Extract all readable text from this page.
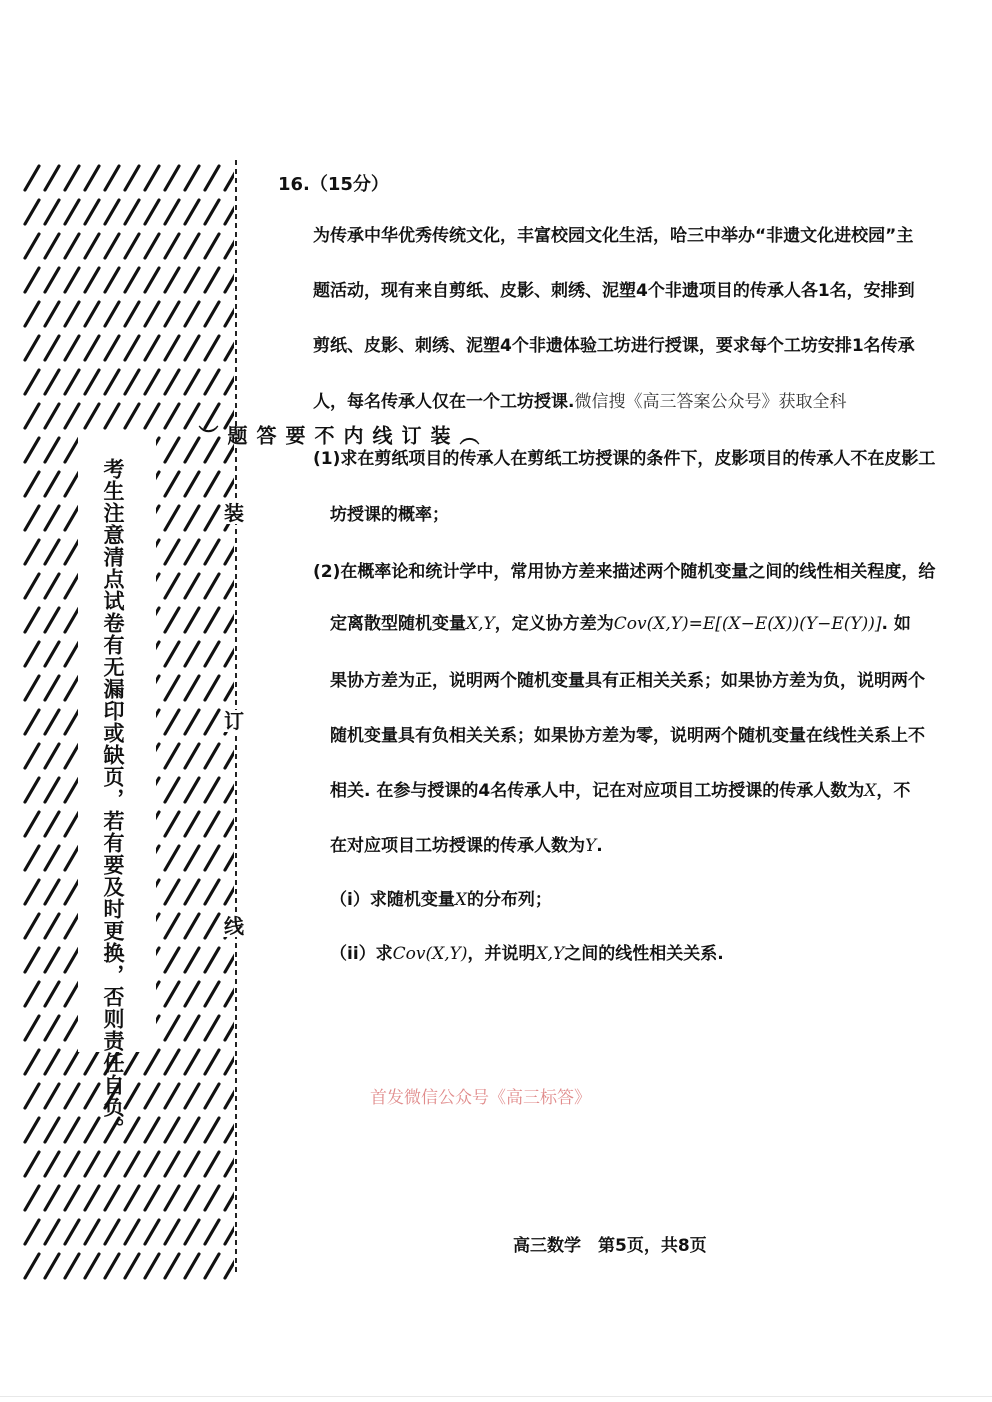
考生注意清点试卷有无漏印或缺页，若有要及时更换，否则责任自负。
（
装
订
线
内
不
要
答
题
）
装
订
线
16.（15分）
为传承中华优秀传统文化，丰富校园文化生活，哈三中举办“非遗文化进校园”主
题活动，现有来自剪纸、皮影、刺绣、泥塑4个非遗项目的传承人各1名，安排到
剪纸、皮影、刺绣、泥塑4个非遗体验工坊进行授课，要求每个工坊安排1名传承
人，每名传承人仅在一个工坊授课.微信搜《高三答案公众号》获取全科
(1)求在剪纸项目的传承人在剪纸工坊授课的条件下，皮影项目的传承人不在皮影工
坊授课的概率；
(2)在概率论和统计学中，常用协方差来描述两个随机变量之间的线性相关程度，给
定离散型随机变量X,Y，定义协方差为Cov(X,Y)=E[(X−E(X))(Y−E(Y))]. 如
果协方差为正，说明两个随机变量具有正相关关系；如果协方差为负，说明两个
随机变量具有负相关关系；如果协方差为零，说明两个随机变量在线性关系上不
相关. 在参与授课的4名传承人中，记在对应项目工坊授课的传承人数为X，不
在对应项目工坊授课的传承人数为Y.
（i）求随机变量X的分布列；
（ii）求Cov(X,Y)，并说明X,Y之间的线性相关关系.
首发微信公众号《高三标答》
高三数学　第5页，共8页
